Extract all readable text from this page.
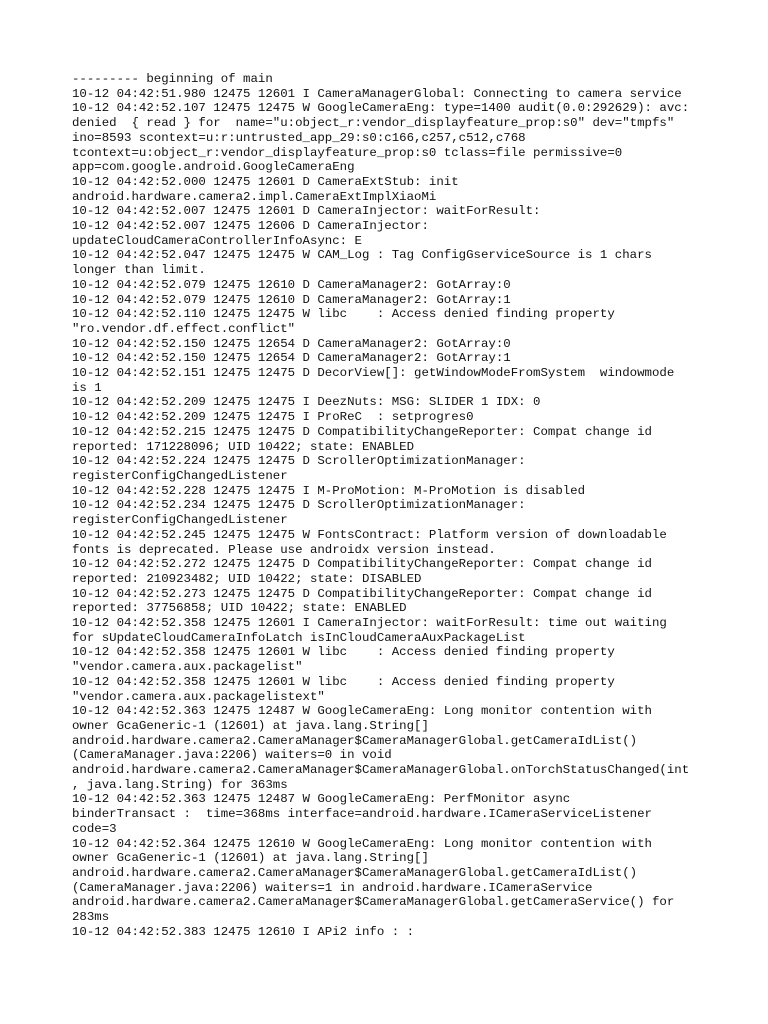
--------- beginning of main
10-12 04:42:51.980 12475 12601 I CameraManagerGlobal: Connecting to camera service
10-12 04:42:52.107 12475 12475 W GoogleCameraEng: type=1400 audit(0.0:292629): avc:
denied  { read } for  name="u:object_r:vendor_displayfeature_prop:s0" dev="tmpfs"
ino=8593 scontext=u:r:untrusted_app_29:s0:c166,c257,c512,c768
tcontext=u:object_r:vendor_displayfeature_prop:s0 tclass=file permissive=0
app=com.google.android.GoogleCameraEng
10-12 04:42:52.000 12475 12601 D CameraExtStub: init
android.hardware.camera2.impl.CameraExtImplXiaoMi
10-12 04:42:52.007 12475 12601 D CameraInjector: waitForResult:
10-12 04:42:52.007 12475 12606 D CameraInjector:
updateCloudCameraControllerInfoAsync: E
10-12 04:42:52.047 12475 12475 W CAM_Log : Tag ConfigGserviceSource is 1 chars
longer than limit.
10-12 04:42:52.079 12475 12610 D CameraManager2: GotArray:0
10-12 04:42:52.079 12475 12610 D CameraManager2: GotArray:1
10-12 04:42:52.110 12475 12475 W libc    : Access denied finding property
"ro.vendor.df.effect.conflict"
10-12 04:42:52.150 12475 12654 D CameraManager2: GotArray:0
10-12 04:42:52.150 12475 12654 D CameraManager2: GotArray:1
10-12 04:42:52.151 12475 12475 D DecorView[]: getWindowModeFromSystem  windowmode
is 1
10-12 04:42:52.209 12475 12475 I DeezNuts: MSG: SLIDER 1 IDX: 0
10-12 04:42:52.209 12475 12475 I ProReC  : setprogres0
10-12 04:42:52.215 12475 12475 D CompatibilityChangeReporter: Compat change id
reported: 171228096; UID 10422; state: ENABLED
10-12 04:42:52.224 12475 12475 D ScrollerOptimizationManager:
registerConfigChangedListener
10-12 04:42:52.228 12475 12475 I M-ProMotion: M-ProMotion is disabled
10-12 04:42:52.234 12475 12475 D ScrollerOptimizationManager:
registerConfigChangedListener
10-12 04:42:52.245 12475 12475 W FontsContract: Platform version of downloadable
fonts is deprecated. Please use androidx version instead.
10-12 04:42:52.272 12475 12475 D CompatibilityChangeReporter: Compat change id
reported: 210923482; UID 10422; state: DISABLED
10-12 04:42:52.273 12475 12475 D CompatibilityChangeReporter: Compat change id
reported: 37756858; UID 10422; state: ENABLED
10-12 04:42:52.358 12475 12601 I CameraInjector: waitForResult: time out waiting
for sUpdateCloudCameraInfoLatch isInCloudCameraAuxPackageList
10-12 04:42:52.358 12475 12601 W libc    : Access denied finding property
"vendor.camera.aux.packagelist"
10-12 04:42:52.358 12475 12601 W libc    : Access denied finding property
"vendor.camera.aux.packagelistext"
10-12 04:42:52.363 12475 12487 W GoogleCameraEng: Long monitor contention with
owner GcaGeneric-1 (12601) at java.lang.String[]
android.hardware.camera2.CameraManager$CameraManagerGlobal.getCameraIdList()
(CameraManager.java:2206) waiters=0 in void
android.hardware.camera2.CameraManager$CameraManagerGlobal.onTorchStatusChanged(int
, java.lang.String) for 363ms
10-12 04:42:52.363 12475 12487 W GoogleCameraEng: PerfMonitor async
binderTransact :  time=368ms interface=android.hardware.ICameraServiceListener
code=3
10-12 04:42:52.364 12475 12610 W GoogleCameraEng: Long monitor contention with
owner GcaGeneric-1 (12601) at java.lang.String[]
android.hardware.camera2.CameraManager$CameraManagerGlobal.getCameraIdList()
(CameraManager.java:2206) waiters=1 in android.hardware.ICameraService
android.hardware.camera2.CameraManager$CameraManagerGlobal.getCameraService() for
283ms
10-12 04:42:52.383 12475 12610 I APi2 info : :
